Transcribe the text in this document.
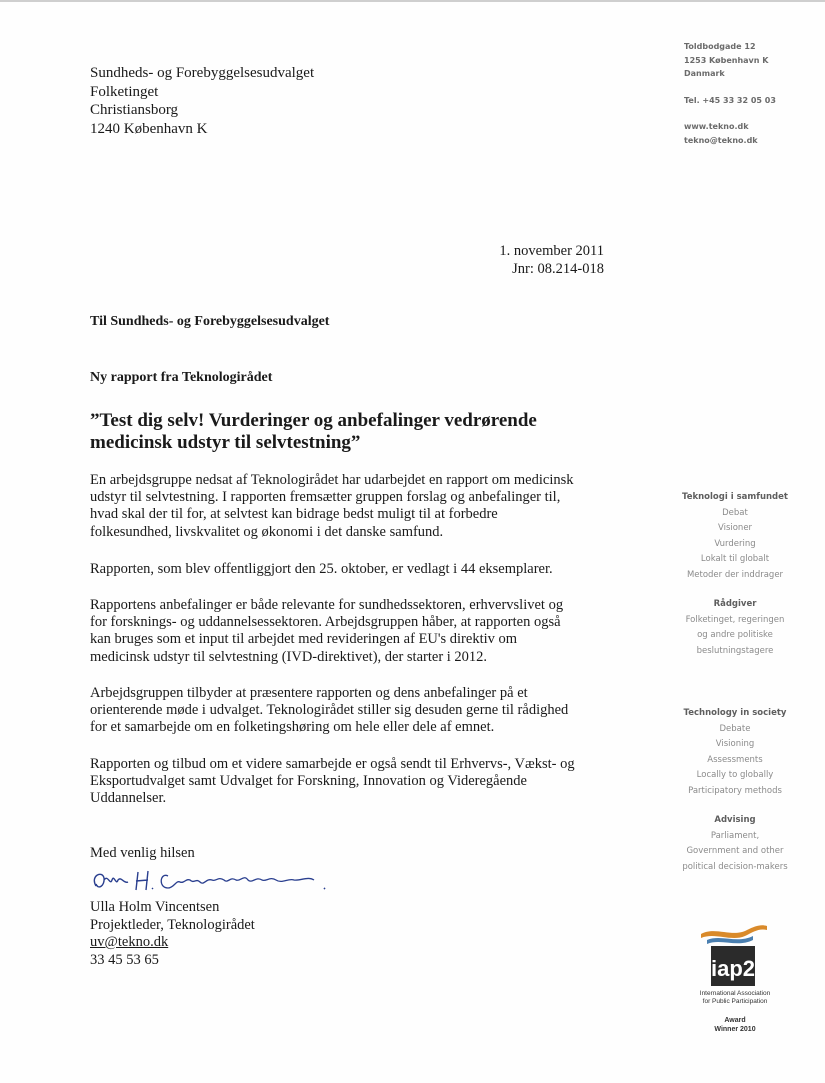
Sundheds- og Forebyggelsesudvalget
Folketinget
Christiansborg
1240 København K
Toldbodgade 12
1253 København K
Danmark
Tel. +45 33 32 05 03
www.tekno.dk
tekno@tekno.dk
1. november 2011
Jnr: 08.214-018
Til Sundheds- og Forebyggelsesudvalget
Ny rapport fra Teknologirådet
”Test dig selv! Vurderinger og anbefalinger vedrørende
medicinsk udstyr til selvtestning”
En arbejdsgruppe nedsat af Teknologirådet har udarbejdet en rapport om medicinsk
udstyr til selvtestning. I rapporten fremsætter gruppen forslag og anbefalinger til,
hvad skal der til for, at selvtest kan bidrage bedst muligt til at forbedre
folkesundhed, livskvalitet og økonomi i det danske samfund.
Rapporten, som blev offentliggjort den 25. oktober, er vedlagt i 44 eksemplarer.
Rapportens anbefalinger er både relevante for sundhedssektoren, erhvervslivet og
for forsknings- og uddannelsessektoren. Arbejdsgruppen håber, at rapporten også
kan bruges som et input til arbejdet med revideringen af EU's direktiv om
medicinsk udstyr til selvtestning (IVD-direktivet), der starter i 2012.
Arbejdsgruppen tilbyder at præsentere rapporten og dens anbefalinger på et
orienterende møde i udvalget. Teknologirådet stiller sig desuden gerne til rådighed
for et samarbejde om en folketingshøring om hele eller dele af emnet.
Rapporten og tilbud om et videre samarbejde er også sendt til Erhvervs-, Vækst- og
Eksportudvalget samt Udvalget for Forskning, Innovation og Videregående
Uddannelser.
Med venlig hilsen
Ulla Holm Vincentsen
Projektleder, Teknologirådet
uv@tekno.dk
33 45 53 65
Teknologi i samfundet
Debat
Visioner
Vurdering
Lokalt til globalt
Metoder der inddrager
Rådgiver
Folketinget, regeringen
og andre politiske
beslutningstagere
Technology in society
Debate
Visioning
Assessments
Locally to globally
Participatory methods
Advising
Parliament,
Government and other
political decision-makers
iap2
International Association
for Public Participation
Award
Winner 2010
